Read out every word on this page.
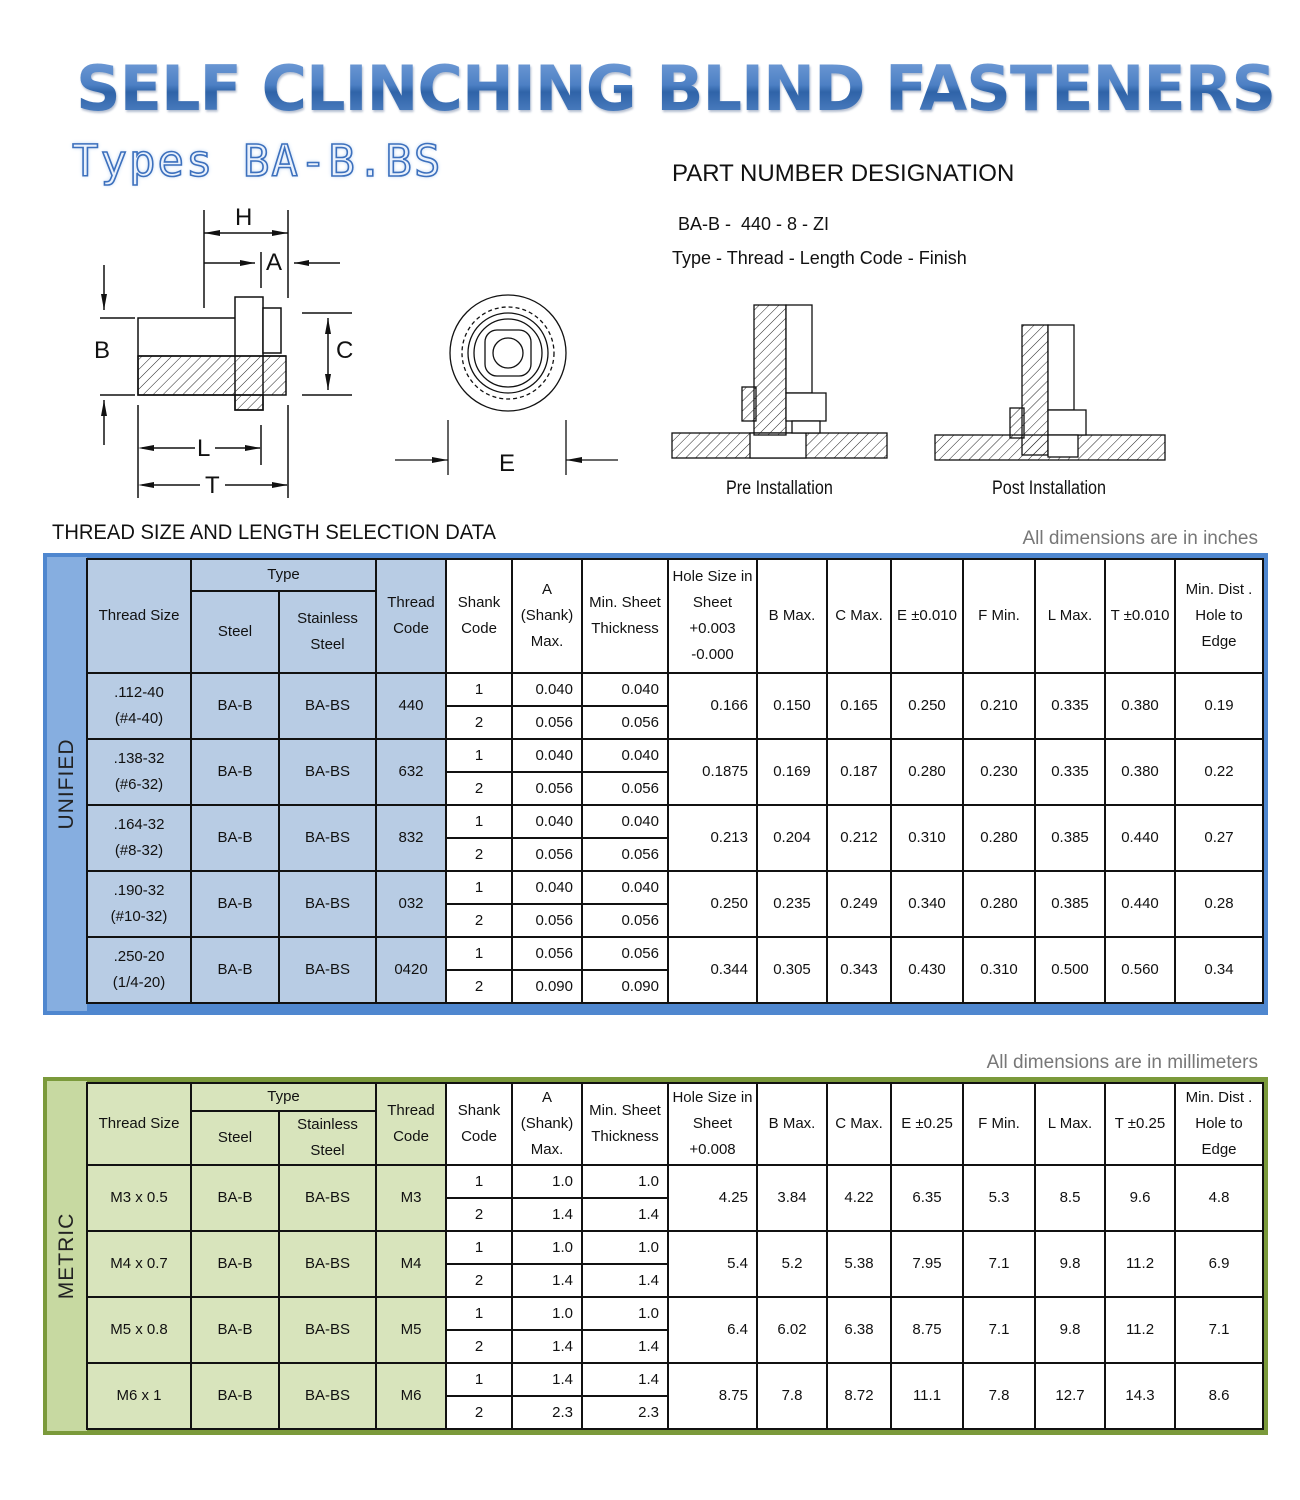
SELF CLINCHING BLIND FASTENERS
Types BA-B.BS	PART NUMBER DESIGNATION
BA-B -  440 - 8 - ZI
Type - Thread - Length Code - Finish
H
A
B	C
L
T
E
Pre Installation	Post Installation
THREAD SIZE AND LENGTH SELECTION DATA	All dimensions are in inches
UNIFIED
Thread Size	Type		Thread Code	Shank Code	A (Shank) Max.	Min. Sheet Thickness	Hole Size in Sheet +0.003 -0.000	B Max.	C Max.	E ±0.010	F Min.	L Max.	T ±0.010	Min. Dist . Hole to Edge
	Steel	Stainless Steel												

.112-40
(#4-40)	BA-B	BA-BS	440	1	0.040	0.040	0.166	0.150	0.165	0.250	0.210	0.335	0.380	0.19
				2	0.056	0.056								

.138-32
(#6-32)	BA-B	BA-BS	632	1	0.040	0.040	0.1875	0.169	0.187	0.280	0.230	0.335	0.380	0.22
				2	0.056	0.056								

.164-32
(#8-32)	BA-B	BA-BS	832	1	0.040	0.040	0.213	0.204	0.212	0.310	0.280	0.385	0.440	0.27
				2	0.056	0.056								

.190-32
(#10-32)	BA-B	BA-BS	032	1	0.040	0.040	0.250	0.235	0.249	0.340	0.280	0.385	0.440	0.28
				2	0.056	0.056								

.250-20
(1/4-20)	BA-B	BA-BS	0420	1	0.056	0.056	0.344	0.305	0.343	0.430	0.310	0.500	0.560	0.34
				2	0.090	0.090								
All dimensions are in millimeters
METRIC
Thread Size	Type		Thread Code	Shank Code	A (Shank) Max.	Min. Sheet Thickness	Hole Size in Sheet +0.008	B Max.	C Max.	E ±0.25	F Min.	L Max.	T ±0.25	Min. Dist . Hole to Edge
	Steel	Stainless Steel												
M3 x 0.5	BA-B	BA-BS	M3	1	1.0	1.0	4.25	3.84	4.22	6.35	5.3	8.5	9.6	4.8
				2	1.4	1.4								
M4 x 0.7	BA-B	BA-BS	M4	1	1.0	1.0	5.4	5.2	5.38	7.95	7.1	9.8	11.2	6.9
				2	1.4	1.4								
M5 x 0.8	BA-B	BA-BS	M5	1	1.0	1.0	6.4	6.02	6.38	8.75	7.1	9.8	11.2	7.1
				2	1.4	1.4								
M6 x 1	BA-B	BA-BS	M6	1	1.4	1.4	8.75	7.8	8.72	11.1	7.8	12.7	14.3	8.6
				2	2.3	2.3								
